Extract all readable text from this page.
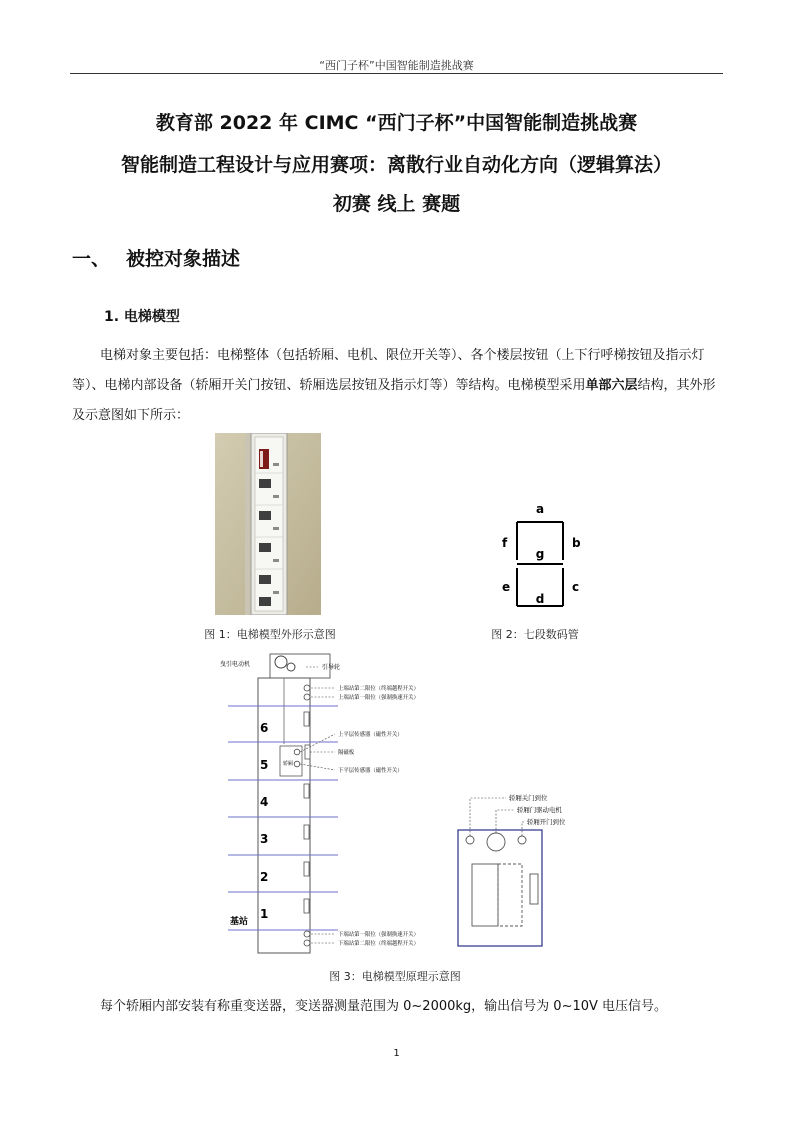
“西门子杯”中国智能制造挑战赛
教育部 2022 年 CIMC “西门子杯”中国智能制造挑战赛
智能制造工程设计与应用赛项：离散行业自动化方向（逻辑算法）
初赛 线上 赛题
一、 被控对象描述
1. 电梯模型

电梯对象主要包括：电梯整体（包括轿厢、电机、限位开关等）、各个楼层按钮（上下行呼梯按钮及指示灯等）、电梯内部设备（轿厢开关门按钮、轿厢选层按钮及指示灯等）等结构。电梯模型采用单部六层结构，其外形及示意图如下所示：

图 1：电梯模型外形示意图
a
b
c
d
e
f
g
图 2：七段数码管
曳引电动机	引导轮
6
5
4
3
2
1
基站
轿厢
上端站第二限位（终端越程开关）
上端站第一限位（强制换速开关）
上平层传感器（磁性开关）
隔磁板
下平层传感器（磁性开关）
下端站第一限位（强制换速开关）
下端站第二限位（终端越程开关）
轿厢关门到位
轿厢门驱动电机
轿厢开门到位
图 3：电梯模型原理示意图

每个轿厢内部安装有称重变送器，变送器测量范围为 0~2000kg，输出信号为 0~10V 电压信号。

1
